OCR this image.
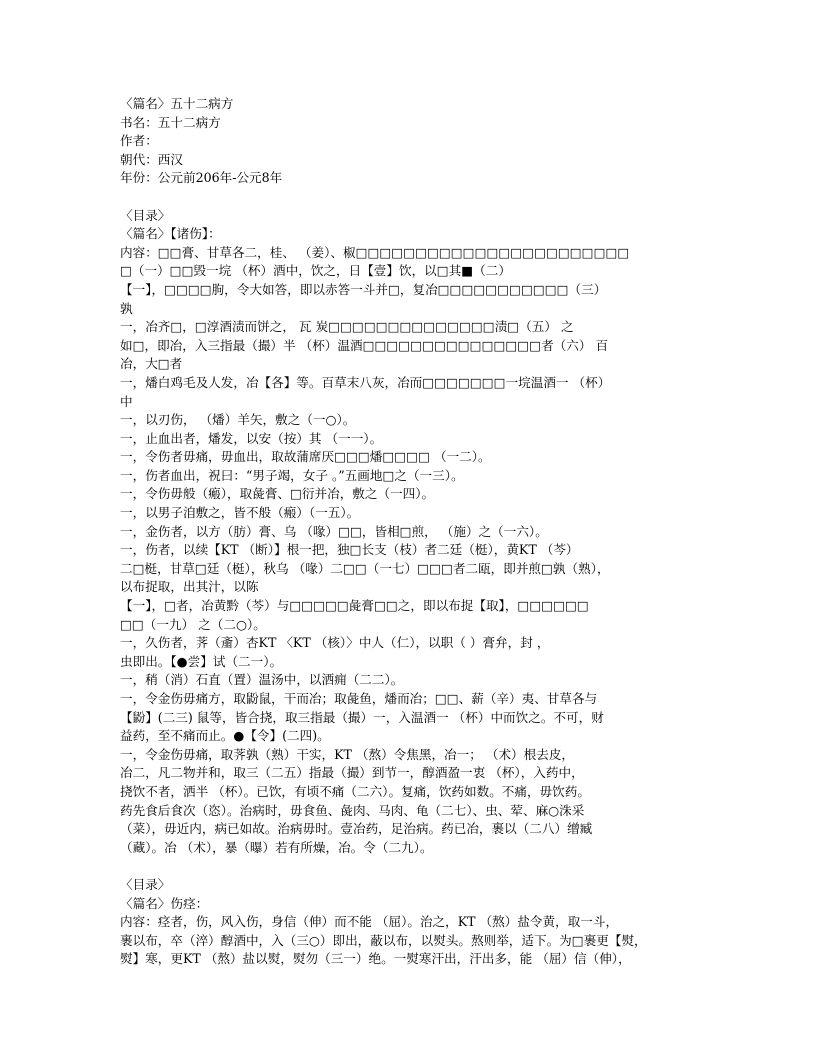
〈篇名〉五十二病方
书名：五十二病方
作者：
朝代：西汉
年份：公元前206年-公元8年
〈目录〉
〈篇名〉【诸伤】：
内容：□□膏、甘草各二，桂、 （姜）、椒□□□□□□□□□□□□□□□□□□□□□□□
□（一）□□毁一垸 （杯）酒中，饮之，日【壹】饮，以□其■（二）
【一】，□□□□朐，令大如答，即以赤答一斗并□，复冶□□□□□□□□□□□（三）
孰
一，冶齐□，□淳酒渍而饼之， 瓦 炭□□□□□□□□□□□□□□渍□（五） 之
如□，即冶，入三指最（撮）半 （杯）温酒□□□□□□□□□□□□□□□者（六） 百
冶，大□者
一，燔白鸡毛及人发，冶【各】等。百草末八灰，冶而□□□□□□□一垸温酒一 （杯）
中
一，以刃伤， （燔）羊矢，敷之（一○）。
一，止血出者，燔发，以安（按）其 （一一）。
一，令伤者毋痛，毋血出，取故蒲席厌□□□燔□□□□ （一二）。
一，伤者血出，祝曰：“男子竭，女子 。”五画地□之（一三）。
一，令伤毋般（瘢），取彘膏、□衍并冶，敷之（一四）。
一，以男子洎敷之，皆不般（瘢）（一五）。
一，金伤者，以方（肪）膏、乌 （喙）□□，皆相□煎， （施）之（一六）。
一，伤者，以续【KT （断）】根一把，独□长支（枝）者二廷（梃），黄KT （芩）
二□梃，甘草□廷（梃），秋乌 （喙）二□□（一七）□□□者二瓯，即并煎□孰（熟），
以布捉取，出其汁，以陈
【一】，□者，冶黄黔（芩）与□□□□□彘膏□□之，即以布捉【取】，□□□□□□
□□（一九） 之（二○）。
一，久伤者，荠（齑）杏KT 〈KT （核）〉中人（仁），以职（ ）膏弁，封 ，
虫即出。【●尝】试（二一）。
一，稍（消）石直（置）温汤中，以洒痈（二二）。
一，令金伤毋痛方，取鼢鼠，干而冶；取彘鱼，燔而冶；□□、薪（辛）夷、甘草各与
【鼢】(二三) 鼠等，皆合挠，取三指最（撮）一，入温酒一 （杯）中而饮之。不可，财
益药，至不痛而止。●【令】(二四)。
一，令金伤毋痛，取荠孰（熟）干实，KT （熬）令焦黑，冶一； （术）根去皮，
冶二，凡二物并和，取三（二五）指最（撮）到节一，醇酒盈一衷 （杯），入药中，
挠饮不者，洒半 （杯）。已饮，有顷不痛（二六）。复痛，饮药如数。不痛，毋饮药。
药先食后食次（恣）。治病时，毋食鱼、彘肉、马肉、龟（二七）、虫、荤、麻○洙采
（菜），毋近内，病已如故。治病毋时。壹冶药，足治病。药已冶，裹以（二八）缯臧
（藏）。冶 （术），暴（曝）若有所燥，冶。令（二九）。
〈目录〉
〈篇名〉伤痉：
内容：痉者，伤，风入伤，身信（伸）而不能 （屈）。治之，KT （熬）盐令黄，取一斗，
裹以布，卒（淬）醇酒中，入（三○）即出，蔽以布，以熨头。熬则举，适下。为□裹更【熨，
熨】寒，更KT （熬）盐以熨，熨勿（三一）绝。一熨寒汗出，汗出多，能 （屈）信（伸），
